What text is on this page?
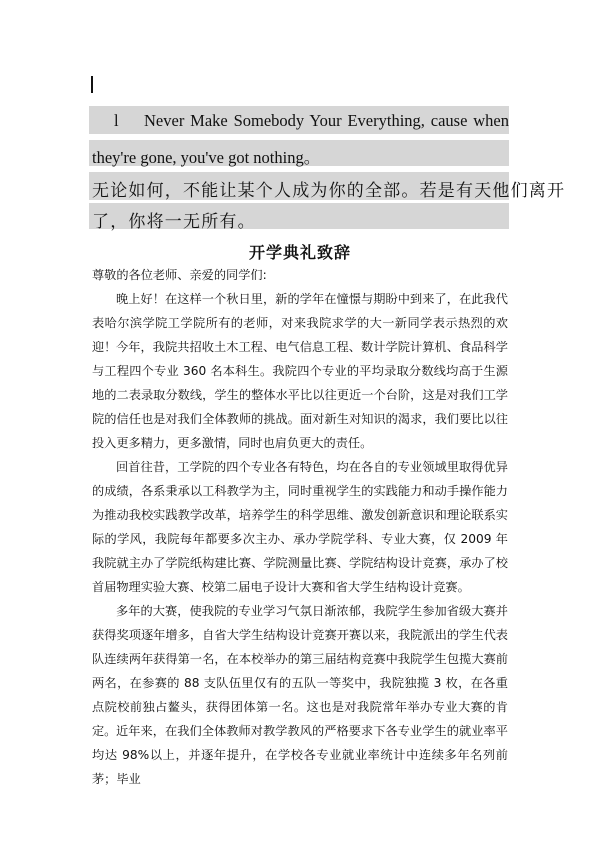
l Never Make Somebody Your Everything, cause when
they're gone, you've got nothing。
无论如何，不能让某个人成为你的全部。若是有天他们离开
了，你将一无所有。
开学典礼致辞

尊敬的各位老师、亲爱的同学们:

晚上好！在这样一个秋日里，新的学年在憧憬与期盼中到来了，在此我代表哈尔滨学院工学院所有的老师，对来我院求学的大一新同学表示热烈的欢迎！ 今年，我院共招收土木工程、电气信息工程、数计学院计算机、食品科学与工程四个专业 360 名本科生。我院四个专业的平均录取分数线均高于生源地的二表录取分数线，学生的整体水平比以往更近一个台阶，这是对我们工学院的信任也是对我们全体教师的挑战。面对新生对知识的渴求，我们要比以往投入更多精力，更多激情，同时也肩负更大的责任。

回首往昔，工学院的四个专业各有特色，均在各自的专业领域里取得优异的成绩，各系秉承以工科教学为主，同时重视学生的实践能力和动手操作能力为推动我校实践教学改革，培养学生的科学思维、激发创新意识和理论联系实际的学风，我院每年都要多次主办、承办学院学科、专业大赛，仅 2009 年我院就主办了学院纸构建比赛、学院测量比赛、学院结构设计竞赛，承办了校首届物理实验大赛、校第二届电子设计大赛和省大学生结构设计竞赛。

多年的大赛，使我院的专业学习气氛日渐浓郁，我院学生参加省级大赛并获得奖项逐年增多，自省大学生结构设计竞赛开赛以来，我院派出的学生代表队连续两年获得第一名，在本校举办的第三届结构竞赛中我院学生包揽大赛前两名，在参赛的 88 支队伍里仅有的五队一等奖中，我院独揽 3 枚，在各重点院校前独占鳌头，获得团体第一名。这也是对我院常年举办专业大赛的肯定。 近年来，在我们全体教师对教学教风的严格要求下各专业学生的就业率平均达 98%以上，并逐年提升，在学校各专业就业率统计中连续多年名列前茅；毕业
